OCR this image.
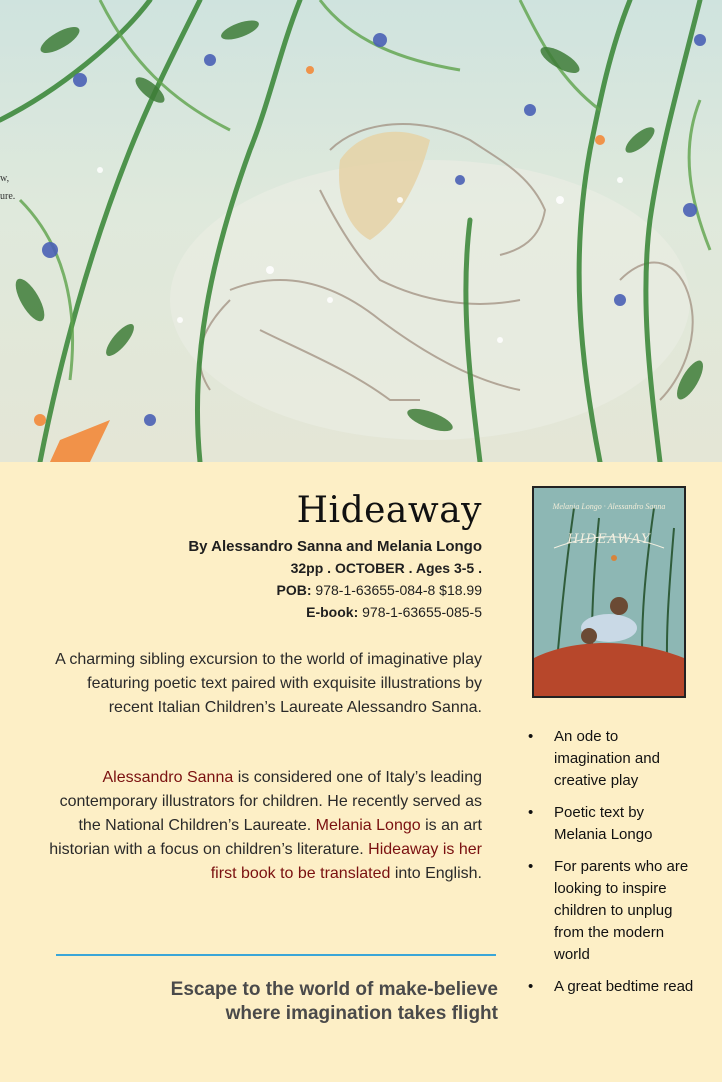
w,
ure.
Hideaway
By Alessandro Sanna and Melania Longo
32pp . OCTOBER . Ages 3-5 .
POB: 978-1-63655-084-8 $18.99
E-book: 978-1-63655-085-5
A charming sibling excursion to the world of imaginative play featuring poetic text paired with exquisite illustrations by recent Italian Children’s Laureate Alessandro Sanna.
Alessandro Sanna is considered one of Italy’s leading contemporary illustrators for children. He recently served as the National Children’s Laureate. Melania Longo is an art historian with a focus on children’s literature. Hideaway is her first book to be translated into English.
Escape to the world of make-believe
where imagination takes flight
Melania Longo · Alessandro Sanna
HIDEAWAY
• An ode to imagination and creative play
• Poetic text by Melania Longo
• For parents who are looking to inspire children to unplug from the modern world
• A great bedtime read
